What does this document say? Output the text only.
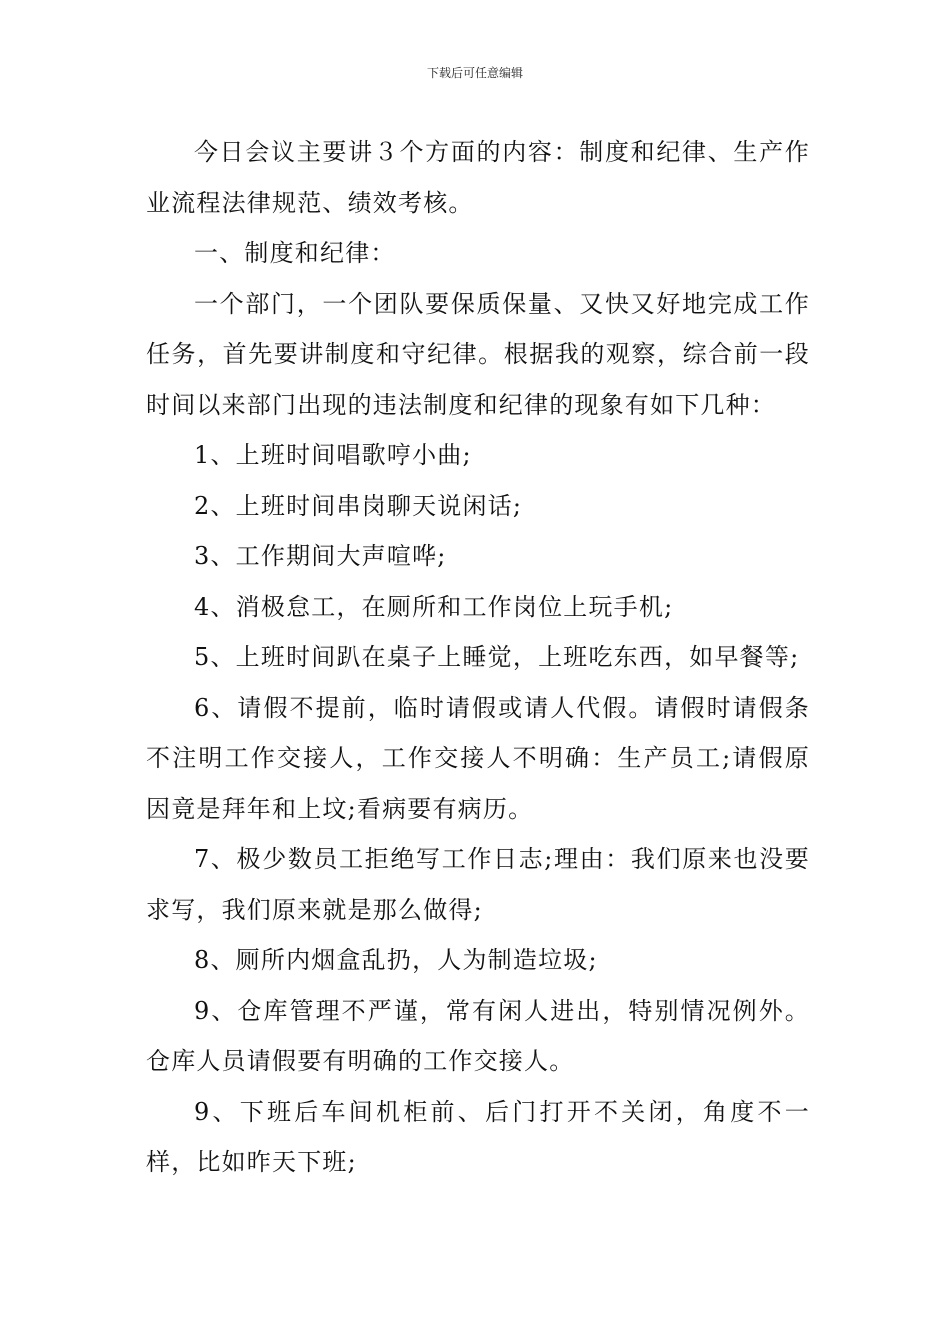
下载后可任意编辑

今日会议主要讲３个方面的内容：制度和纪律、生产作业流程法律规范、绩效考核。

一、制度和纪律：

一个部门，一个团队要保质保量、又快又好地完成工作任务，首先要讲制度和守纪律。根据我的观察，综合前一段时间以来部门出现的违法制度和纪律的现象有如下几种：

1、上班时间唱歌哼小曲;

2、上班时间串岗聊天说闲话;

3、工作期间大声喧哗;

4、消极怠工，在厕所和工作岗位上玩手机;

5、上班时间趴在桌子上睡觉，上班吃东西，如早餐等;

6、请假不提前，临时请假或请人代假。请假时请假条不注明工作交接人，工作交接人不明确：生产员工;请假原因竟是拜年和上坟;看病要有病历。

7、极少数员工拒绝写工作日志;理由：我们原来也没要求写，我们原来就是那么做得;

8、厕所内烟盒乱扔，人为制造垃圾;

9、仓库管理不严谨，常有闲人进出，特别情况例外。仓库人员请假要有明确的工作交接人。

9、下班后车间机柜前、后门打开不关闭，角度不一样，比如昨天下班;
